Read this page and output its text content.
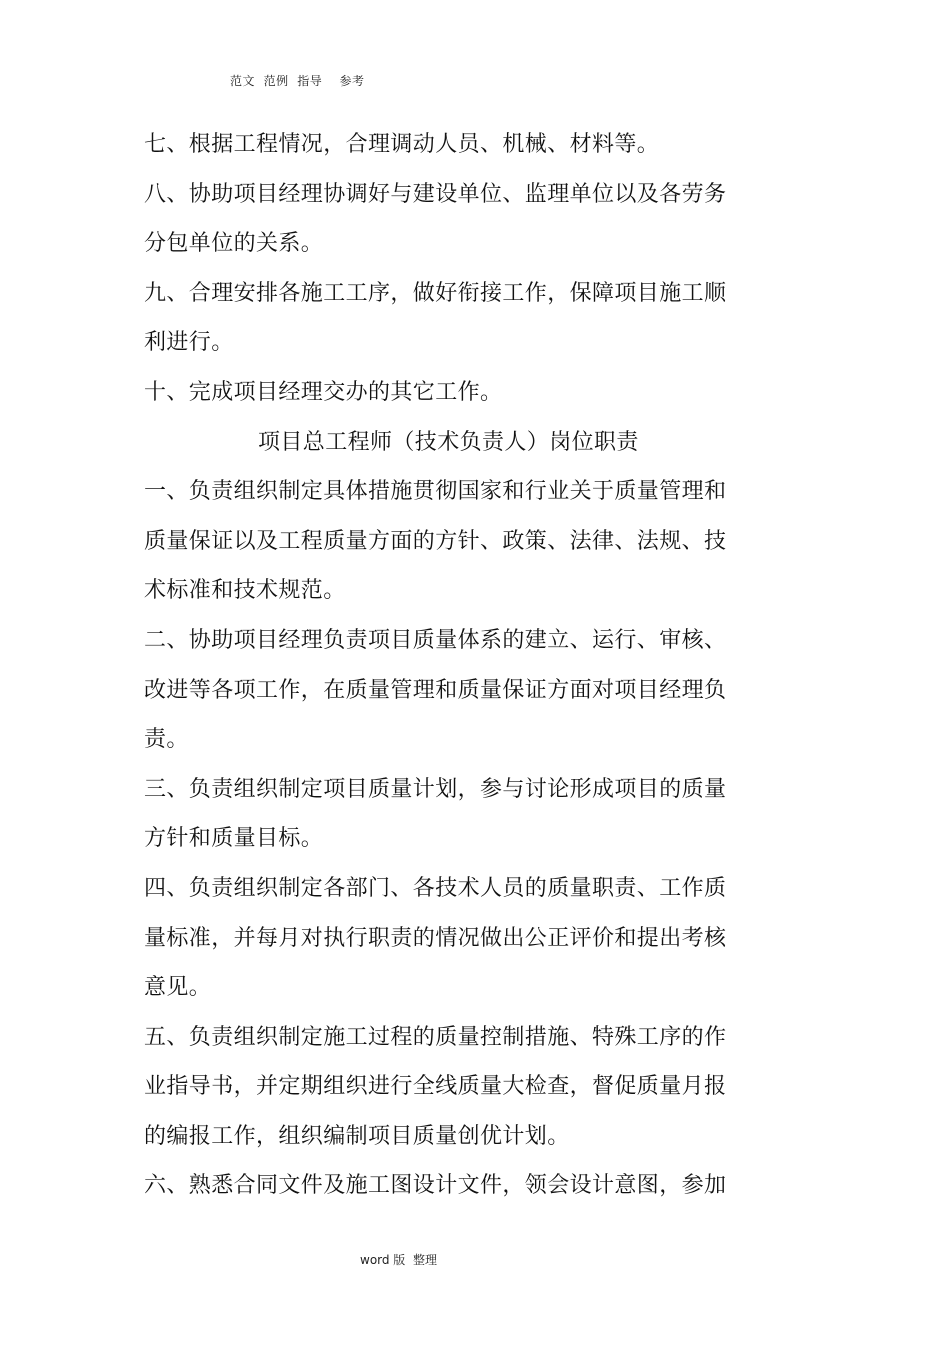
范文  范例  指导    参考

七、根据工程情况，合理调动人员、机械、材料等。

八、协助项目经理协调好与建设单位、监理单位以及各劳务分包单位的关系。

九、合理安排各施工工序，做好衔接工作，保障项目施工顺利进行。

十、完成项目经理交办的其它工作。

项目总工程师（技术负责人）岗位职责

一、负责组织制定具体措施贯彻国家和行业关于质量管理和质量保证以及工程质量方面的方针、政策、法律、法规、技术标准和技术规范。

二、协助项目经理负责项目质量体系的建立、运行、审核、改进等各项工作，在质量管理和质量保证方面对项目经理负责。

三、负责组织制定项目质量计划，参与讨论形成项目的质量方针和质量目标。

四、负责组织制定各部门、各技术人员的质量职责、工作质量标准，并每月对执行职责的情况做出公正评价和提出考核意见。

五、负责组织制定施工过程的质量控制措施、特殊工序的作业指导书，并定期组织进行全线质量大检查，督促质量月报的编报工作，组织编制项目质量创优计划。

六、熟悉合同文件及施工图设计文件，领会设计意图，参加

word 版  整理
